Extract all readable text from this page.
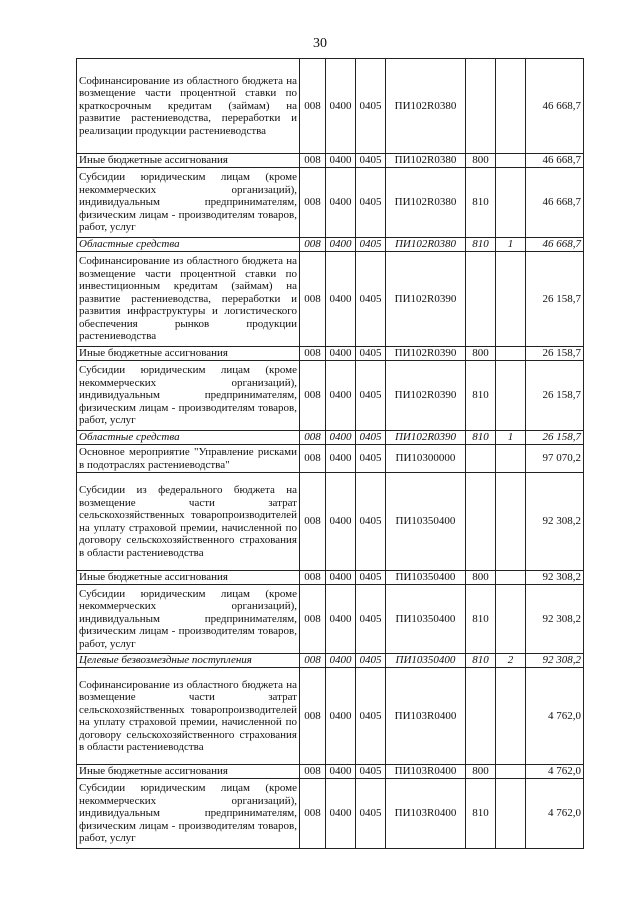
30
Софинансирование из областного бюджета на возмещение части процентной ставки по краткосрочным кредитам (займам) на развитие растениеводства, переработки и реализации продукции растениеводства	008	0400	0405	ПИ102R0380			46 668,7
Иные бюджетные ассигнования	008	0400	0405	ПИ102R0380	800		46 668,7
Субсидии юридическим лицам (кроме некоммерческих организаций), индивидуальным предпринимателям, физическим лицам - производителям товаров, работ, услуг	008	0400	0405	ПИ102R0380	810		46 668,7
Областные средства	008	0400	0405	ПИ102R0380	810	1	46 668,7
Софинансирование из областного бюджета на возмещение части процентной ставки по инвестиционным кредитам (займам) на развитие растениеводства, переработки и развития инфраструктуры и логистического обеспечения рынков продукции растениеводства	008	0400	0405	ПИ102R0390			26 158,7
Иные бюджетные ассигнования	008	0400	0405	ПИ102R0390	800		26 158,7
Субсидии юридическим лицам (кроме некоммерческих организаций), индивидуальным предпринимателям, физическим лицам - производителям товаров, работ, услуг	008	0400	0405	ПИ102R0390	810		26 158,7
Областные средства	008	0400	0405	ПИ102R0390	810	1	26 158,7
Основное мероприятие "Управление рисками в подотраслях растениеводства"	008	0400	0405	ПИ10300000			97 070,2
Субсидии из федерального бюджета на возмещение части затрат сельскохозяйственных товаропроизводителей на уплату страховой премии, начисленной по договору сельскохозяйственного страхования в области растениеводства	008	0400	0405	ПИ10350400			92 308,2
Иные бюджетные ассигнования	008	0400	0405	ПИ10350400	800		92 308,2
Субсидии юридическим лицам (кроме некоммерческих организаций), индивидуальным предпринимателям, физическим лицам - производителям товаров, работ, услуг	008	0400	0405	ПИ10350400	810		92 308,2
Целевые безвозмездные поступления	008	0400	0405	ПИ10350400	810	2	92 308,2
Софинансирование из областного бюджета на возмещение части затрат сельскохозяйственных товаропроизводителей на уплату страховой премии, начисленной по договору сельскохозяйственного страхования в области растениеводства	008	0400	0405	ПИ103R0400			4 762,0
Иные бюджетные ассигнования	008	0400	0405	ПИ103R0400	800		4 762,0
Субсидии юридическим лицам (кроме некоммерческих организаций), индивидуальным предпринимателям, физическим лицам - производителям товаров, работ, услуг	008	0400	0405	ПИ103R0400	810		4 762,0
